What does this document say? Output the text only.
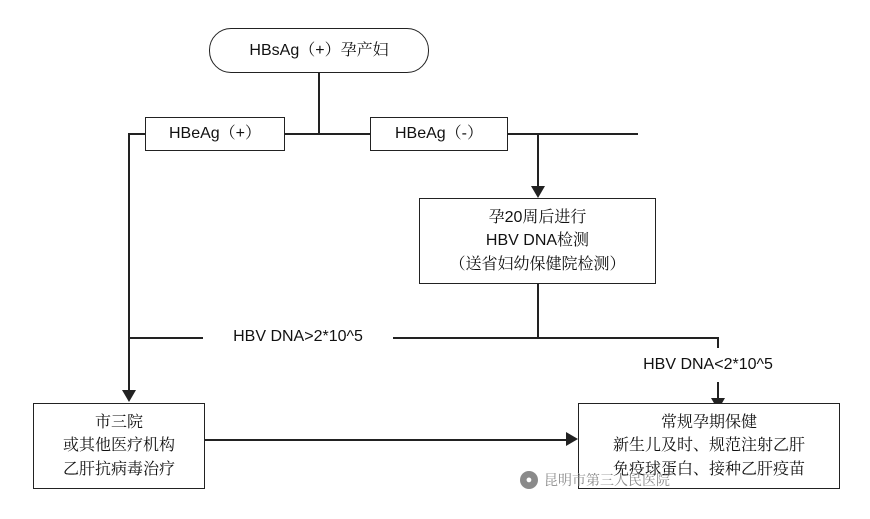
HBsAg（+）孕产妇
HBeAg（+）	HBeAg（-）
孕20周后进行
HBV DNA检测
（送省妇幼保健院检测）
HBV DNA>2*10^5
HBV DNA<2*10^5
市三院
或其他医疗机构
乙肝抗病毒治疗
常规孕期保健
新生儿及时、规范注射乙肝
免疫球蛋白、接种乙肝疫苗
● 昆明市第三人民医院
